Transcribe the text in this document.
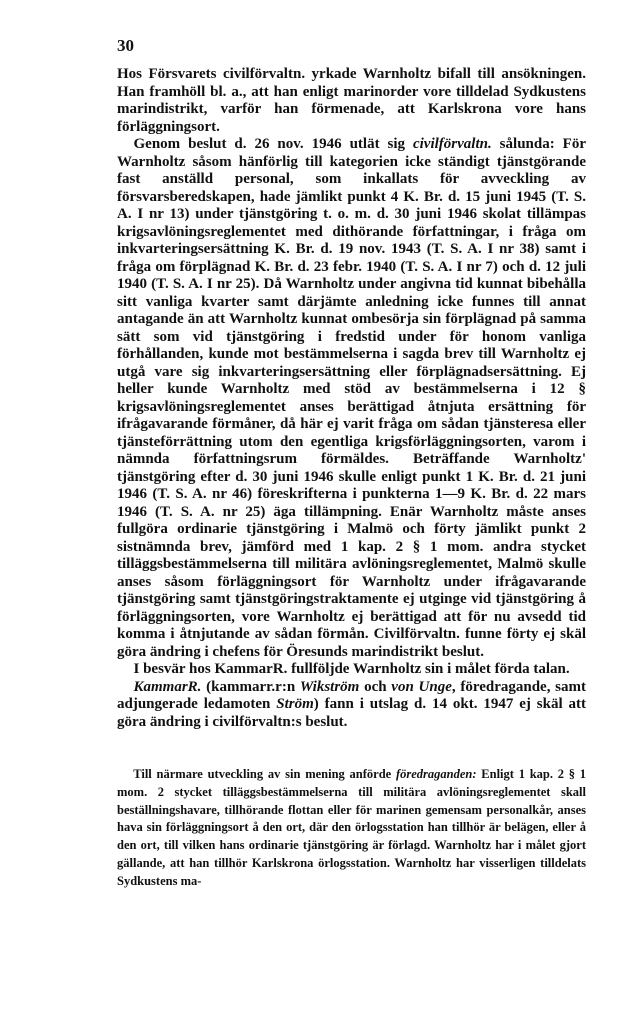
30

Hos Försvarets civilförvaltn. yrkade Warnholtz bifall till ansökningen. Han framhöll bl. a., att han enligt marinorder vore tilldelad Sydkustens marindistrikt, varför han förmenade, att Karlskrona vore hans förläggningsort.

Genom beslut d. 26 nov. 1946 utlät sig civilförvaltn. sålunda: För Warnholtz såsom hänförlig till kategorien icke ständigt tjänstgörande fast anställd personal, som inkallats för avveckling av försvarsberedskapen, hade jämlikt punkt 4 K. Br. d. 15 juni 1945 (T. S. A. I nr 13) under tjänstgöring t. o. m. d. 30 juni 1946 skolat tillämpas krigsavlöningsreglementet med dithörande författningar, i fråga om inkvarteringsersättning K. Br. d. 19 nov. 1943 (T. S. A. I nr 38) samt i fråga om förplägnad K. Br. d. 23 febr. 1940 (T. S. A. I nr 7) och d. 12 juli 1940 (T. S. A. I nr 25). Då Warnholtz under angivna tid kunnat bibehålla sitt vanliga kvarter samt därjämte anledning icke funnes till annat antagande än att Warnholtz kunnat ombesörja sin förplägnad på samma sätt som vid tjänstgöring i fredstid under för honom vanliga förhållanden, kunde mot bestämmelserna i sagda brev till Warnholtz ej utgå vare sig inkvarteringsersättning eller förplägnadsersättning. Ej heller kunde Warnholtz med stöd av bestämmelserna i 12 § krigsavlöningsreglementet anses berättigad åtnjuta ersättning för ifrågavarande förmåner, då här ej varit fråga om sådan tjänsteresa eller tjänsteförrättning utom den egentliga krigsförläggningsorten, varom i nämnda författningsrum förmäldes. Beträffande Warnholtz' tjänstgöring efter d. 30 juni 1946 skulle enligt punkt 1 K. Br. d. 21 juni 1946 (T. S. A. nr 46) föreskrifterna i punkterna 1—9 K. Br. d. 22 mars 1946 (T. S. A. nr 25) äga tillämpning. Enär Warnholtz måste anses fullgöra ordinarie tjänstgöring i Malmö och förty jämlikt punkt 2 sistnämnda brev, jämförd med 1 kap. 2 § 1 mom. andra stycket tilläggsbestämmelserna till militära avlöningsreglementet, Malmö skulle anses såsom förläggningsort för Warnholtz under ifrågavarande tjänstgöring samt tjänstgöringstraktamente ej utginge vid tjänstgöring å förläggningsorten, vore Warnholtz ej berättigad att för nu avsedd tid komma i åtnjutande av sådan förmån. Civilförvaltn. funne förty ej skäl göra ändring i chefens för Öresunds marindistrikt beslut.

I besvär hos KammarR. fullföljde Warnholtz sin i målet förda talan.

KammarR. (kammarr.r:n Wikström och von Unge, föredragande, samt adjungerade ledamoten Ström) fann i utslag d. 14 okt. 1947 ej skäl att göra ändring i civilförvaltn:s beslut.

Till närmare utveckling av sin mening anförde föredraganden: Enligt 1 kap. 2 § 1 mom. 2 stycket tilläggsbestämmelserna till militära avlöningsreglementet skall beställningshavare, tillhörande flottan eller för marinen gemensam personalkår, anses hava sin förläggningsort å den ort, där den örlogsstation han tillhör är belägen, eller å den ort, till vilken hans ordinarie tjänstgöring är förlagd. Warnholtz har i målet gjort gällande, att han tillhör Karlskrona örlogsstation. Warnholtz har visserligen tilldelats Sydkustens ma-
